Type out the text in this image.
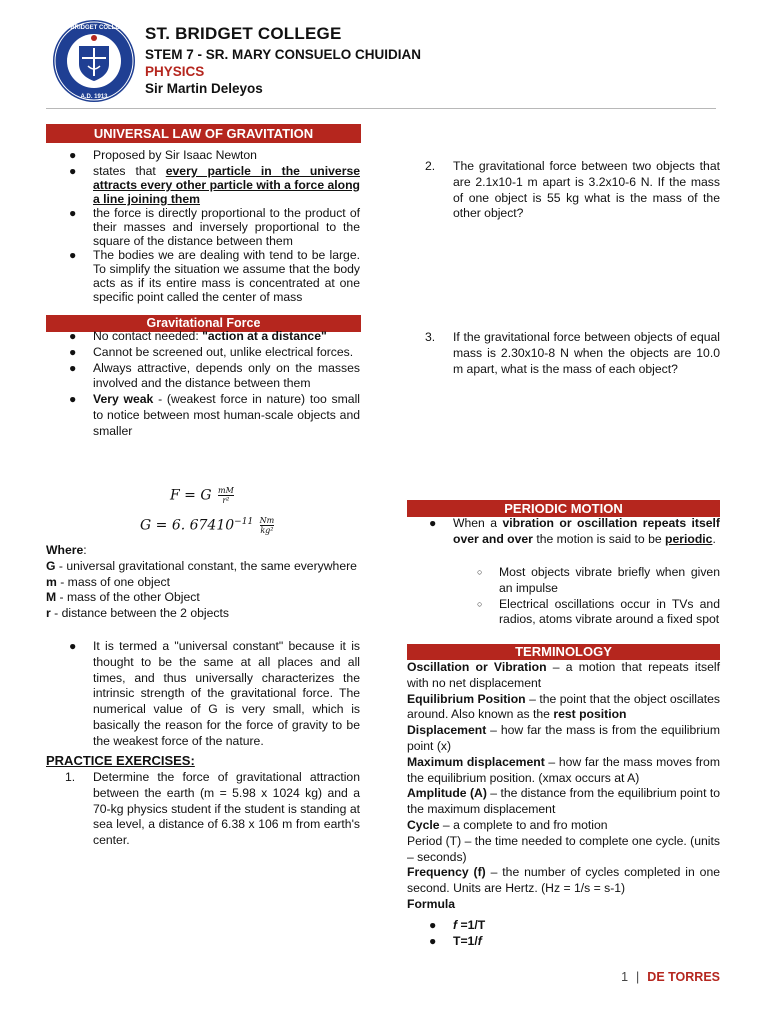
ST. BRIDGET COLLEGE
A.D. 1913
ST. BRIDGET COLLEGE
STEM 7 - SR. MARY CONSUELO CHUIDIAN
PHYSICS
Sir Martin Deleyos
UNIVERSAL LAW OF GRAVITATION
● Proposed by Sir Isaac Newton
● states that every particle in the universe attracts every other particle with a force along a line joining them
● the force is directly proportional to the product of their masses and inversely proportional to the square of the distance between them
● The bodies we are dealing with tend to be large. To simplify the situation we assume that the body acts as if its entire mass is concentrated at one specific point called the center of mass
Gravitational Force
● No contact needed: "action at a distance"
● Cannot be screened out, unlike electrical forces.
● Always attractive, depends only on the masses involved and the distance between them
● Very weak - (weakest force in nature) too small to notice between most human-scale objects and smaller
F = G $\frac{mM}{\text{r²}}$
G = 6. $67410^{-11} \frac{Nm}{\text{kg²}}$
Where:
G - universal gravitational constant, the same everywhere
m - mass of one object
M - mass of the other Object
r - distance between the 2 objects
● It is termed a "universal constant" because it is thought to be the same at all places and all times, and thus universally characterizes the intrinsic strength of the gravitational force. The numerical value of G is very small, which is basically the reason for the force of gravity to be the weakest force of the nature.
PRACTICE EXERCISES:
1. Determine the force of gravitational attraction between the earth (m = 5.98 x 1024 kg) and a 70-kg physics student if the student is standing at sea level, a distance of 6.38 x 106 m from earth's center.
2. The gravitational force between two objects that are 2.1x10-1 m apart is 3.2x10-6 N. If the mass of one object is 55 kg what is the mass of the other object?
3. If the gravitational force between objects of equal mass is 2.30x10-8 N when the objects are 10.0 m apart, what is the mass of each object?
PERIODIC MOTION
● When a vibration or oscillation repeats itself over and over the motion is said to be periodic.
○ Most objects vibrate briefly when given an impulse
○ Electrical oscillations occur in TVs and radios, atoms vibrate around a fixed spot
TERMINOLOGY
Oscillation or Vibration – a motion that repeats itself with no net displacement
Equilibrium Position – the point that the object oscillates around. Also known as the rest position
Displacement – how far the mass is from the equilibrium point (x)
Maximum displacement – how far the mass moves from the equilibrium position. (xmax occurs at A)
Amplitude (A) – the distance from the equilibrium point to the maximum displacement
Cycle – a complete to and fro motion
Period (T) – the time needed to complete one cycle. (units – seconds)
Frequency (f) – the number of cycles completed in one second. Units are Hertz. (Hz = 1/s = s-1)
Formula
● f =1/T
● T=1/f
1 | DE TORRES
